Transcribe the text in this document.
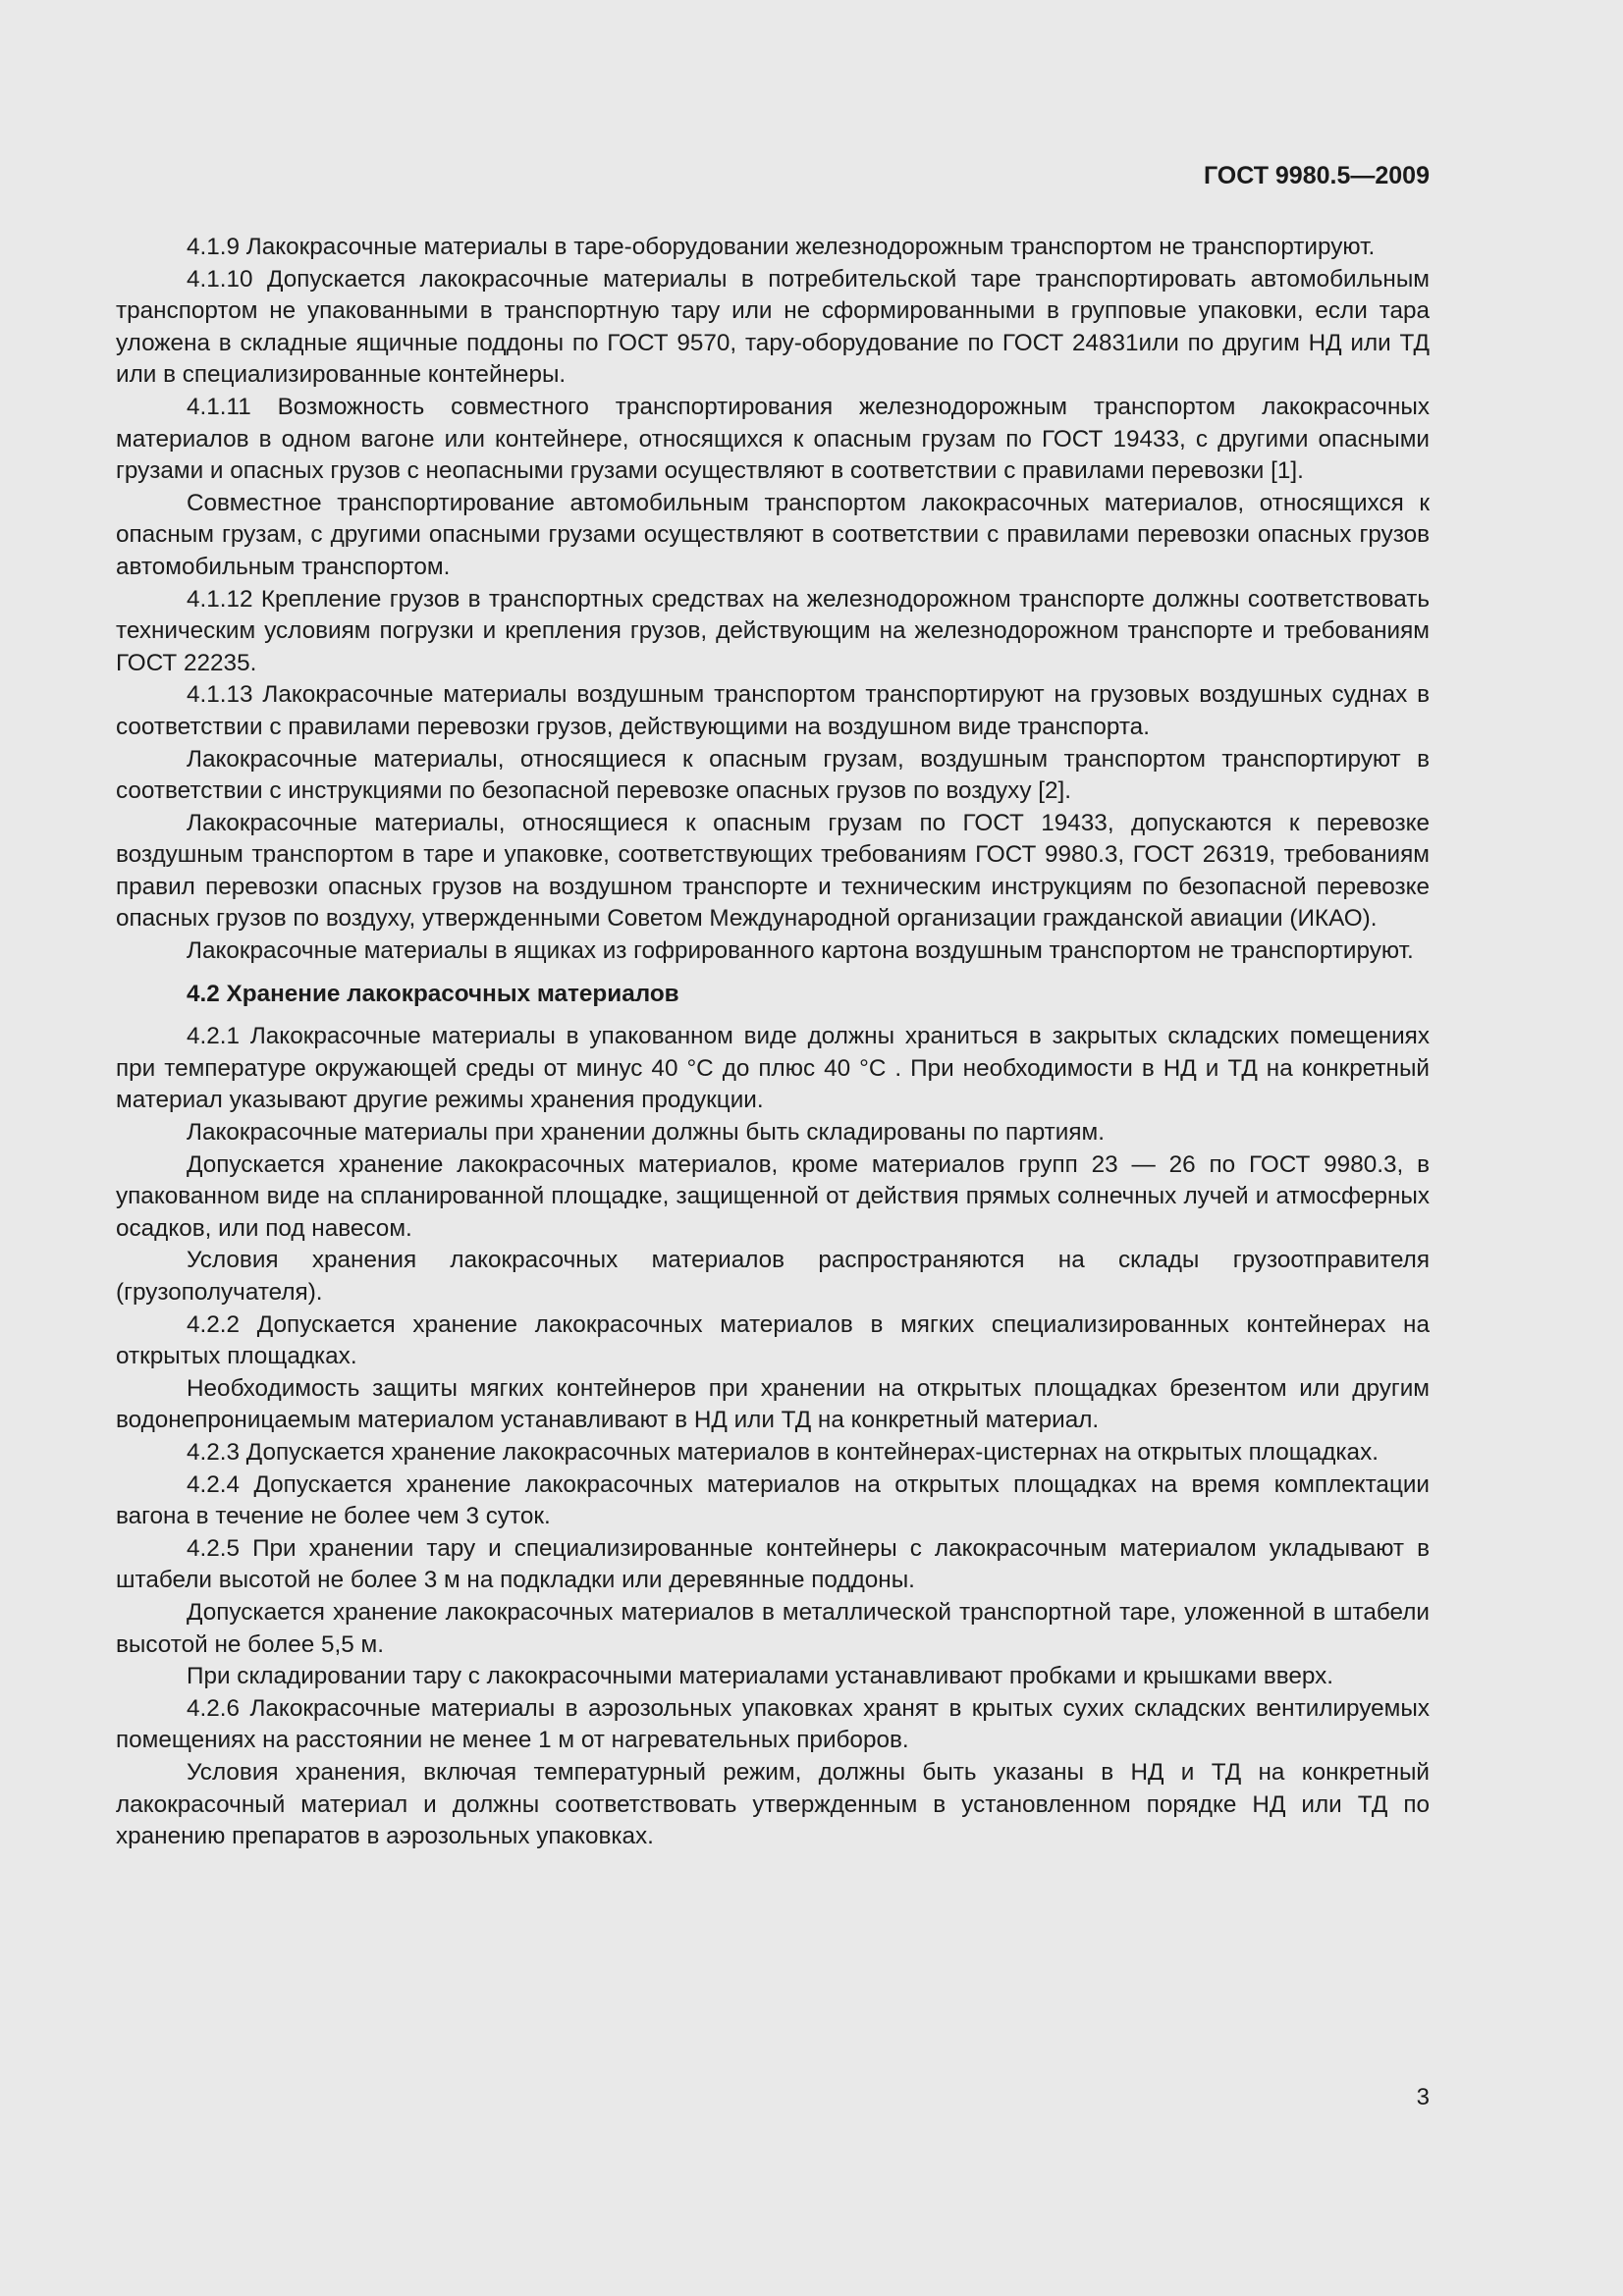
ГОСТ 9980.5—2009

4.1.9 Лакокрасочные материалы в таре-оборудовании железнодорожным транспортом не транспортируют.

4.1.10 Допускается лакокрасочные материалы в потребительской таре транспортировать автомобильным транспортом не упакованными в транспортную тару или не сформированными в групповые упаковки, если тара уложена в складные ящичные поддоны по ГОСТ 9570, тару-оборудование по ГОСТ 24831или по другим НД или ТД или в специализированные контейнеры.

4.1.11 Возможность совместного транспортирования железнодорожным транспортом лакокрасочных материалов в одном вагоне или контейнере, относящихся к опасным грузам по ГОСТ 19433, с другими опасными грузами и опасных грузов с неопасными грузами осуществляют в соответствии с правилами перевозки [1].

Совместное транспортирование автомобильным транспортом лакокрасочных материалов, относящихся к опасным грузам, с другими опасными грузами осуществляют в соответствии с правилами перевозки опасных грузов автомобильным транспортом.

4.1.12 Крепление грузов в транспортных средствах на железнодорожном транспорте должны соответствовать техническим условиям погрузки и крепления грузов, действующим на железнодорожном транспорте и требованиям ГОСТ 22235.

4.1.13 Лакокрасочные материалы воздушным транспортом транспортируют на грузовых воздушных суднах в соответствии с правилами перевозки грузов, действующими на воздушном виде транспорта.

Лакокрасочные материалы, относящиеся к опасным грузам, воздушным транспортом транспортируют в соответствии с инструкциями по безопасной перевозке опасных грузов по воздуху [2].

Лакокрасочные материалы, относящиеся к опасным грузам по ГОСТ 19433, допускаются к перевозке воздушным транспортом в таре и упаковке, соответствующих требованиям ГОСТ 9980.3, ГОСТ 26319, требованиям правил перевозки опасных грузов на воздушном транспорте и техническим инструкциям по безопасной перевозке опасных грузов по воздуху, утвержденными Советом Международной организации гражданской авиации (ИКАО).

Лакокрасочные материалы в ящиках из гофрированного картона воздушным транспортом не транспортируют.

4.2 Хранение лакокрасочных материалов

4.2.1 Лакокрасочные материалы в упакованном виде должны храниться в закрытых складских помещениях при температуре окружающей среды от минус 40 °С до плюс 40 °С . При необходимости в НД и ТД на конкретный материал указывают другие режимы хранения продукции.

Лакокрасочные материалы при хранении должны быть складированы по партиям.

Допускается хранение лакокрасочных материалов, кроме материалов групп 23 — 26 по ГОСТ 9980.3, в упакованном виде на спланированной площадке, защищенной от действия прямых солнечных лучей и атмосферных осадков, или под навесом.

Условия хранения лакокрасочных материалов распространяются на склады грузоотправителя (грузополучателя).

4.2.2 Допускается хранение лакокрасочных материалов в мягких специализированных контейнерах на открытых площадках.

Необходимость защиты мягких контейнеров при хранении на открытых площадках брезентом или другим водонепроницаемым материалом устанавливают в НД или ТД на конкретный материал.

4.2.3 Допускается хранение лакокрасочных материалов в контейнерах-цистернах на открытых площадках.

4.2.4 Допускается хранение лакокрасочных материалов на открытых площадках на время комплектации вагона в течение не более чем 3 суток.

4.2.5 При хранении тару и специализированные контейнеры с лакокрасочным материалом укладывают в штабели высотой не более 3 м на подкладки или деревянные поддоны.

Допускается хранение лакокрасочных материалов в металлической транспортной таре, уложенной в штабели высотой не более 5,5 м.

При складировании тару с лакокрасочными материалами устанавливают пробками и крышками вверх.

4.2.6 Лакокрасочные материалы в аэрозольных упаковках хранят в крытых сухих складских вентилируемых помещениях на расстоянии не менее 1 м от нагревательных приборов.

Условия хранения, включая температурный режим, должны быть указаны в НД и ТД на конкретный лакокрасочный материал и должны соответствовать утвержденным в установленном порядке НД или ТД по хранению препаратов в аэрозольных упаковках.

3
